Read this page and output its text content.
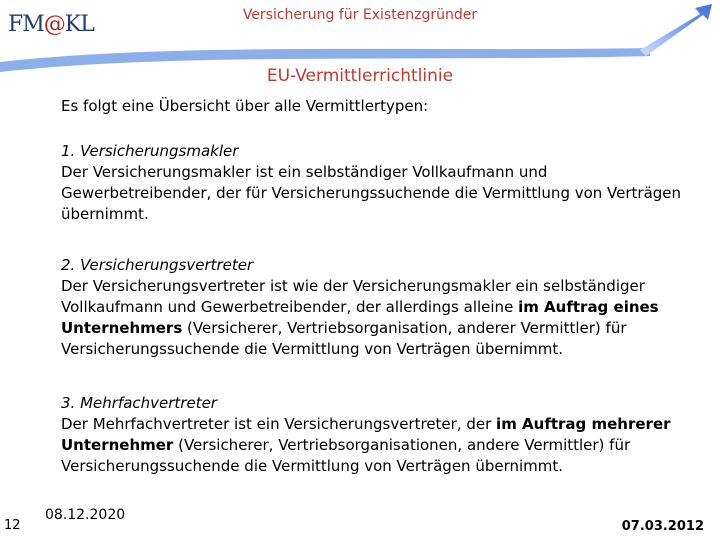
FM@KL	Versicherung für Existenzgründer
EU-Vermittlerrichtlinie
Es folgt eine Übersicht über alle Vermittlertypen:
1. Versicherungsmakler
Der Versicherungsmakler ist ein selbständiger Vollkaufmann und Gewerbetreibender, der für Versicherungssuchende die Vermittlung von Verträgen übernimmt.
2. Versicherungsvertreter
Der Versicherungsvertreter ist wie der Versicherungsmakler ein selbständiger Vollkaufmann und Gewerbetreibender, der allerdings alleine im Auftrag eines Unternehmers (Versicherer, Vertriebsorganisation, anderer Vermittler) für Versicherungssuchende die Vermittlung von Verträgen übernimmt.
3. Mehrfachvertreter
Der Mehrfachvertreter ist ein Versicherungsvertreter, der im Auftrag mehrerer Unternehmer (Versicherer, Vertriebsorganisationen, andere Vermittler) für Versicherungssuchende die Vermittlung von Verträgen übernimmt.
12
08.12.2020
07.03.2012
